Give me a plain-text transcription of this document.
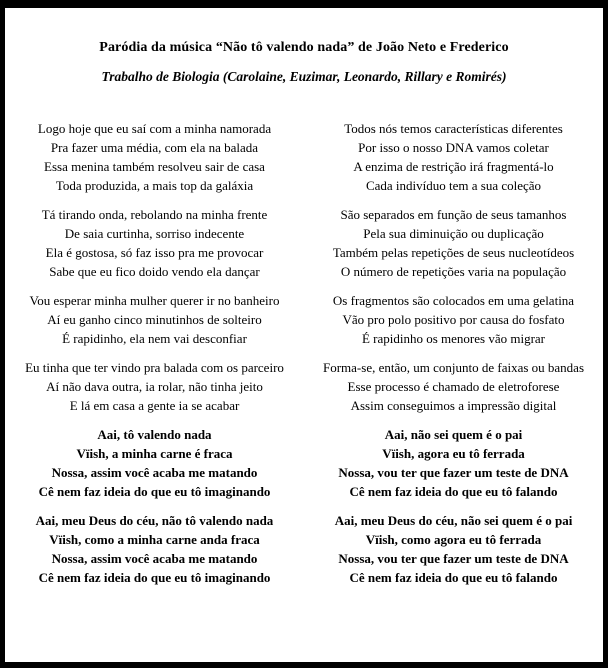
Paródia da música “Não tô valendo nada” de João Neto e Frederico
Trabalho de Biologia (Carolaine, Euzimar, Leonardo, Rillary e Romirés)
Logo hoje que eu saí com a minha namorada
Pra fazer uma média, com ela na balada
Essa menina também resolveu sair de casa
Toda produzida, a mais top da galáxia
Tá tirando onda, rebolando na minha frente
De saia curtinha, sorriso indecente
Ela é gostosa, só faz isso pra me provocar
Sabe que eu fico doido vendo ela dançar
Vou esperar minha mulher querer ir no banheiro
Aí eu ganho cinco minutinhos de solteiro
É rapidinho, ela nem vai desconfiar
Eu tinha que ter vindo pra balada com os parceiro
Aí não dava outra, ia rolar, não tinha jeito
E lá em casa a gente ia se acabar
Aai, tô valendo nada
Vïish, a minha carne é fraca
Nossa, assim você acaba me matando
Cê nem faz ideia do que eu tô imaginando
Aai, meu Deus do céu, não tô valendo nada
Vïish, como a minha carne anda fraca
Nossa, assim você acaba me matando
Cê nem faz ideia do que eu tô imaginando
Todos nós temos características diferentes
Por isso o nosso DNA vamos coletar
A enzima de restrição irá fragmentá-lo
Cada indivíduo tem a sua coleção
São separados em função de seus tamanhos
Pela sua diminuição ou duplicação
Também pelas repetições de seus nucleotídeos
O número de repetições varia na população
Os fragmentos são colocados em uma gelatina
Vão pro polo positivo por causa do fosfato
É rapidinho os menores vão migrar
Forma-se, então, um conjunto de faixas ou bandas
Esse processo é chamado de eletroforese
Assim conseguimos a impressão digital
Aai, não sei quem é o pai
Vïish, agora eu tô ferrada
Nossa, vou ter que fazer um teste de DNA
Cê nem faz ideia do que eu tô falando
Aai, meu Deus do céu, não sei quem é o pai
Vïish, como agora eu tô ferrada
Nossa, vou ter que fazer um teste de DNA
Cê nem faz ideia do que eu tô falando
